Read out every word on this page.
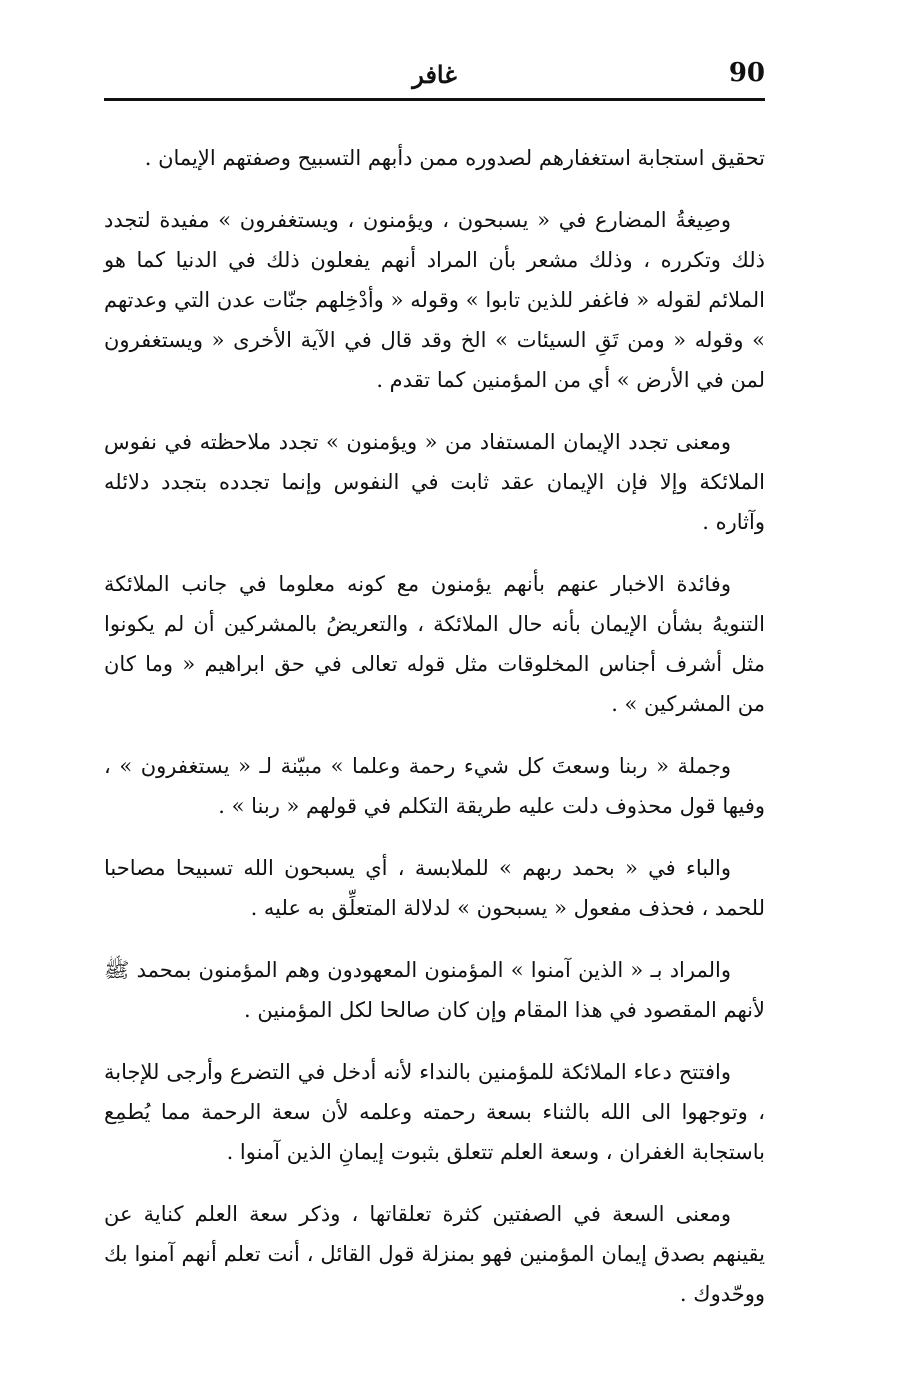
90
غافر

تحقيق استجابة استغفارهم لصدوره ممن دأبهم التسبيح وصفتهم الإيمان .

وصِيغةُ المضارع في « يسبحون ، ويؤمنون ، ويستغفرون » مفيدة لتجدد ذلك وتكرره ، وذلك مشعر بأن المراد أنهم يفعلون ذلك في الدنيا كما هو الملائم لقوله « فاغفر للذين تابوا » وقوله « وأدْخِلهم جنّات عدن التي وعدتهم » وقوله « ومن تَقِ السيئات » الخ وقد قال في الآية الأخرى « ويستغفرون لمن في الأرض » أي من المؤمنين كما تقدم .

ومعنى تجدد الإيمان المستفاد من « ويؤمنون » تجدد ملاحظته في نفوس الملائكة وإلا فإن الإيمان عقد ثابت في النفوس وإنما تجدده بتجدد دلائله وآثاره .

وفائدة الاخبار عنهم بأنهم يؤمنون مع كونه معلوما في جانب الملائكة التنويهُ بشأن الإيمان بأنه حال الملائكة ، والتعريضُ بالمشركين أن لم يكونوا مثل أشرف أجناس المخلوقات مثل قوله تعالى في حق ابراهيم « وما كان من المشركين » .

وجملة « ربنا وسعتَ كل شيء رحمة وعلما » مبيّنة لـ « يستغفرون » ، وفيها قول محذوف دلت عليه طريقة التكلم في قولهم « ربنا » .

والباء في « بحمد ربهم » للملابسة ، أي يسبحون الله تسبيحا مصاحبا للحمد ، فحذف مفعول « يسبحون » لدلالة المتعلِّق به عليه .

والمراد بـ « الذين آمنوا » المؤمنون المعهودون وهم المؤمنون بمحمد ﷺ لأنهم المقصود في هذا المقام وإن كان صالحا لكل المؤمنين .

وافتتح دعاء الملائكة للمؤمنين بالنداء لأنه أدخل في التضرع وأرجى للإجابة ، وتوجهوا الى الله بالثناء بسعة رحمته وعلمه لأن سعة الرحمة مما يُطمِع باستجابة الغفران ، وسعة العلم تتعلق بثبوت إيمانِ الذين آمنوا .

ومعنى السعة في الصفتين كثرة تعلقاتها ، وذكر سعة العلم كناية عن يقينهم بصدق إيمان المؤمنين فهو بمنزلة قول القائل ، أنت تعلم أنهم آمنوا بك ووحّدوك .
